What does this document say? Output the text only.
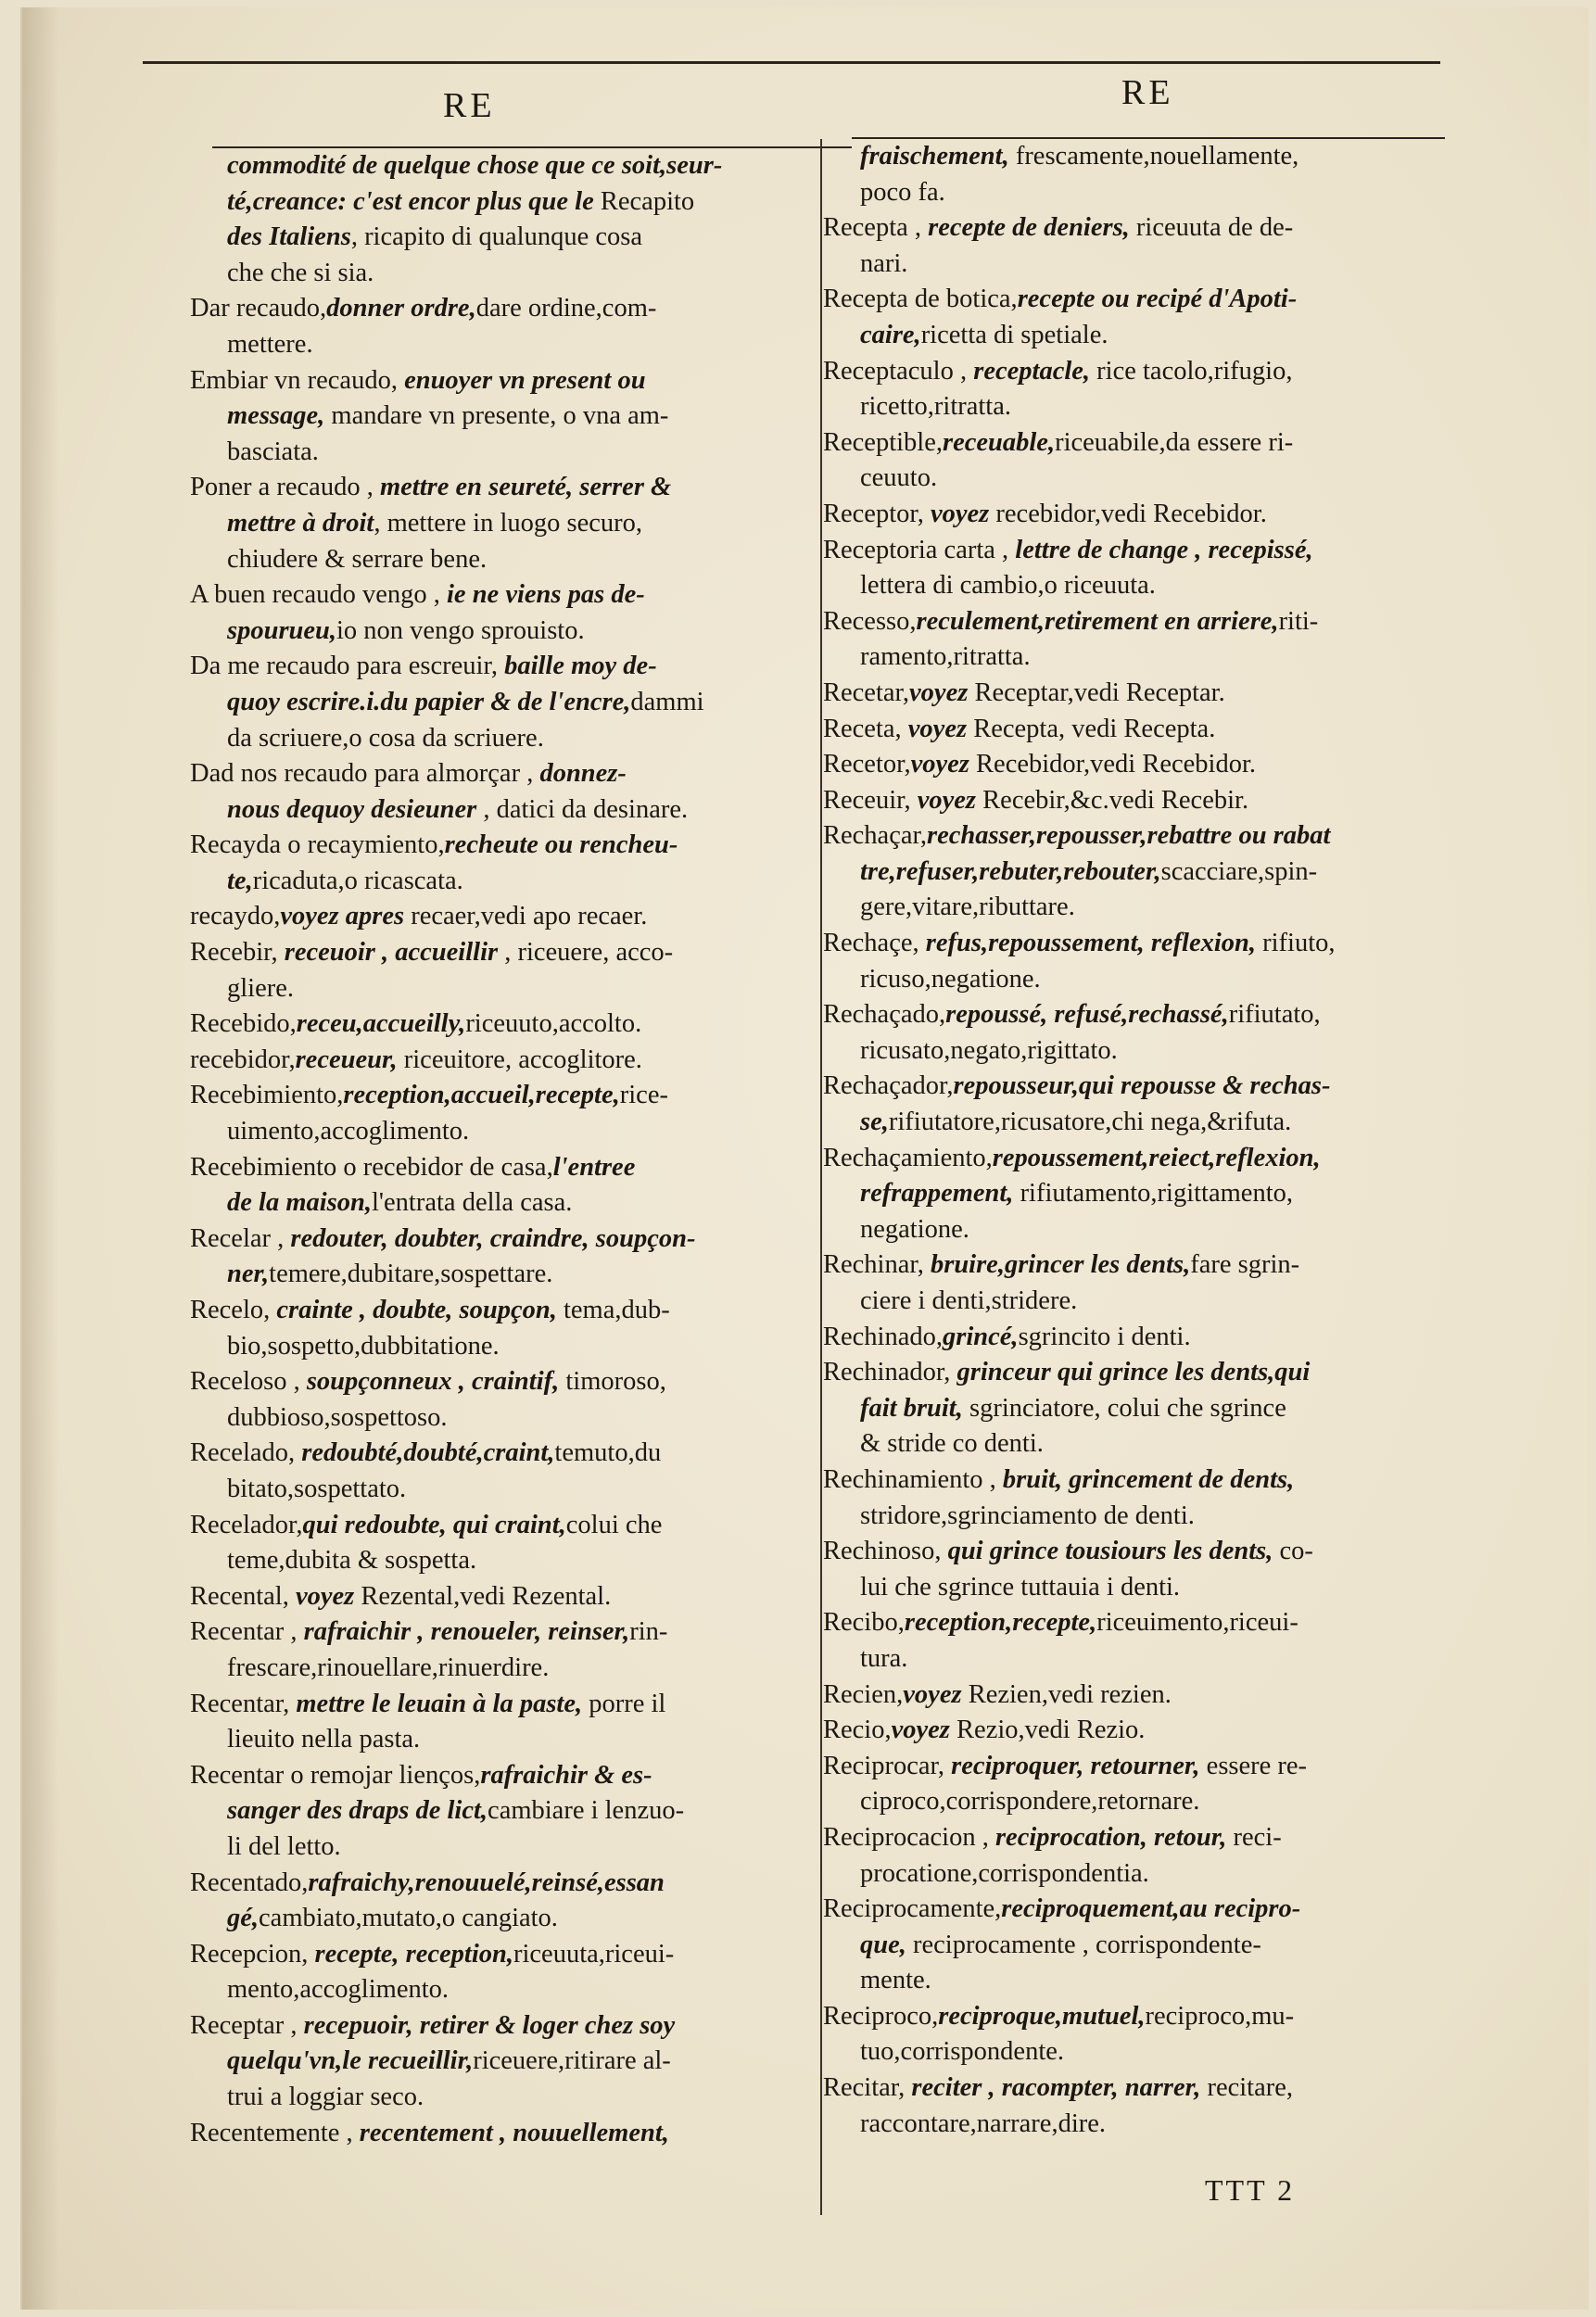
RE	RE
commodité de quelque chose que ce soit,seur-
té,creance: c'est encor plus que le Recapito
des Italiens, ricapito di qualunque cosa
che che si sia.
Dar recaudo,donner ordre,dare ordine,com-
mettere.
Embiar vn recaudo, enuoyer vn present ou
message, mandare vn presente, o vna am-
basciata.
Poner a recaudo , mettre en seureté, serrer &
mettre à droit, mettere in luogo securo,
chiudere & serrare bene.
A buen recaudo vengo , ie ne viens pas de-
spourueu,io non vengo sprouisto.
Da me recaudo para escreuir, baille moy de-
quoy escrire.i.du papier & de l'encre,dammi
da scriuere,o cosa da scriuere.
Dad nos recaudo para almorçar , donnez-
nous dequoy desieuner , datici da desinare.
Recayda o recaymiento,recheute ou rencheu-
te,ricaduta,o ricascata.
recaydo,voyez apres recaer,vedi apo recaer.
Recebir, receuoir , accueillir , riceuere, acco-
gliere.
Recebido,receu,accueilly,riceuuto,accolto.
recebidor,receueur, riceuitore, accoglitore.
Recebimiento,reception,accueil,recepte,rice-
uimento,accoglimento.
Recebimiento o recebidor de casa,l'entree
de la maison,l'entrata della casa.
Recelar , redouter, doubter, craindre, soupçon-
ner,temere,dubitare,sospettare.
Recelo, crainte , doubte, soupçon, tema,dub-
bio,sospetto,dubbitatione.
Receloso , soupçonneux , craintif, timoroso,
dubbioso,sospettoso.
Recelado, redoubté,doubté,craint,temuto,du
bitato,sospettato.
Recelador,qui redoubte, qui craint,colui che
teme,dubita & sospetta.
Recental, voyez Rezental,vedi Rezental.
Recentar , rafraichir , renoueler, reinser,rin-
frescare,rinouellare,rinuerdire.
Recentar, mettre le leuain à la paste, porre il
lieuito nella pasta.
Recentar o remojar lienços,rafraichir & es-
sanger des draps de lict,cambiare i lenzuo-
li del letto.
Recentado,rafraichy,renouuelé,reinsé,essan
gé,cambiato,mutato,o cangiato.
Recepcion, recepte, reception,riceuuta,riceui-
mento,accoglimento.
Receptar , recepuoir, retirer & loger chez soy
quelqu'vn,le recueillir,riceuere,ritirare al-
trui a loggiar seco.
Recentemente , recentement , nouuellement,
fraischement, frescamente,nouellamente,
poco fa.
Recepta , recepte de deniers, riceuuta de de-
nari.
Recepta de botica,recepte ou recipé d'Apoti-
caire,ricetta di spetiale.
Receptaculo , receptacle, rice tacolo,rifugio,
ricetto,ritratta.
Receptible,receuable,riceuabile,da essere ri-
ceuuto.
Receptor, voyez recebidor,vedi Recebidor.
Receptoria carta , lettre de change , recepissé,
lettera di cambio,o riceuuta.
Recesso,reculement,retirement en arriere,riti-
ramento,ritratta.
Recetar,voyez Receptar,vedi Receptar.
Receta, voyez Recepta, vedi Recepta.
Recetor,voyez Recebidor,vedi Recebidor.
Receuir, voyez Recebir,&c.vedi Recebir.
Rechaçar,rechasser,repousser,rebattre ou rabat
tre,refuser,rebuter,rebouter,scacciare,spin-
gere,vitare,ributtare.
Rechaçe, refus,repoussement, reflexion, rifiuto,
ricuso,negatione.
Rechaçado,repoussé, refusé,rechassé,rifiutato,
ricusato,negato,rigittato.
Rechaçador,repousseur,qui repousse & rechas-
se,rifiutatore,ricusatore,chi nega,&rifuta.
Rechaçamiento,repoussement,reiect,reflexion,
refrappement, rifiutamento,rigittamento,
negatione.
Rechinar, bruire,grincer les dents,fare sgrin-
ciere i denti,stridere.
Rechinado,grincé,sgrincito i denti.
Rechinador, grinceur qui grince les dents,qui
fait bruit, sgrinciatore, colui che sgrince
& stride co denti.
Rechinamiento , bruit, grincement de dents,
stridore,sgrinciamento de denti.
Rechinoso, qui grince tousiours les dents, co-
lui che sgrince tuttauia i denti.
Recibo,reception,recepte,riceuimento,riceui-
tura.
Recien,voyez Rezien,vedi rezien.
Recio,voyez Rezio,vedi Rezio.
Reciprocar, reciproquer, retourner, essere re-
ciproco,corrispondere,retornare.
Reciprocacion , reciprocation, retour, reci-
procatione,corrispondentia.
Reciprocamente,reciproquement,au recipro-
que, reciprocamente , corrispondente-
mente.
Reciproco,reciproque,mutuel,reciproco,mu-
tuo,corrispondente.
Recitar, reciter , racompter, narrer, recitare,
raccontare,narrare,dire.
TTT 2
